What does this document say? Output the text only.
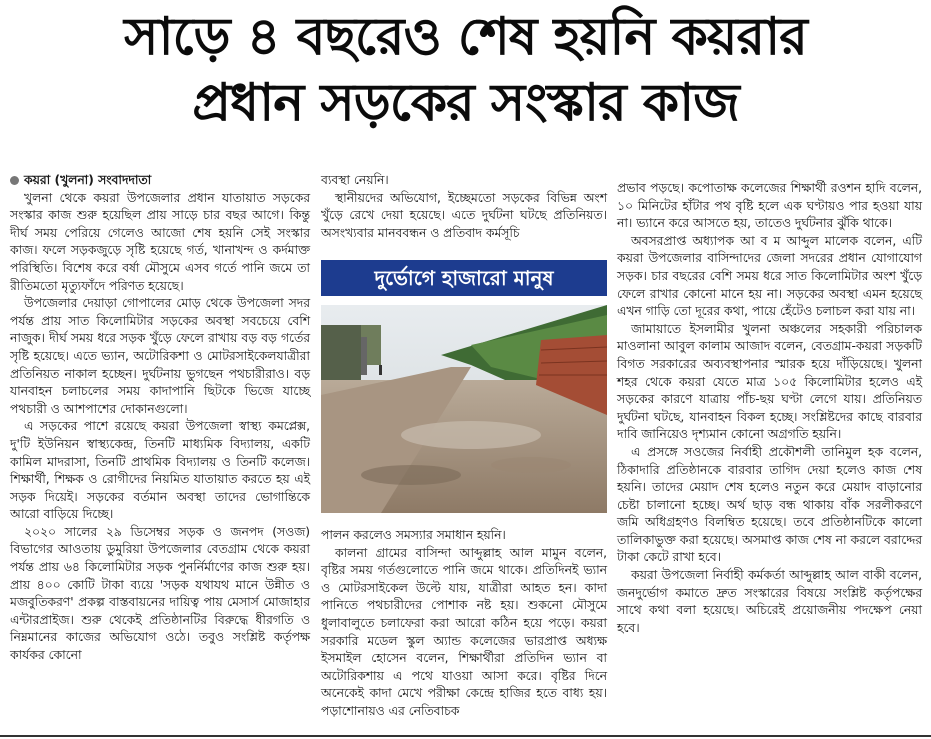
সাড়ে ৪ বছরেও শেষ হয়নি কয়রার
প্রধান সড়কের সংস্কার কাজ

কয়রা (খুলনা) সংবাদদাতা

খুলনা থেকে কয়রা উপজেলার প্রধান যাতায়াত সড়কের সংস্কার কাজ শুরু হয়েছিল প্রায় সাড়ে চার বছর আগে। কিন্তু দীর্ঘ সময় পেরিয়ে গেলেও আজো শেষ হয়নি সেই সংস্কার কাজ। ফলে সড়কজুড়ে সৃষ্টি হয়েছে গর্ত, খানাখন্দ ও কর্দমাক্ত পরিস্থিতি। বিশেষ করে বর্ষা মৌসুমে এসব গর্তে পানি জমে তা রীতিমতো মৃত্যুফাঁদে পরিণত হয়েছে।

উপজেলার দেয়াড়া গোপালের মোড় থেকে উপজেলা সদর পর্যন্ত প্রায় সাত কিলোমিটার সড়কের অবস্থা সবচেয়ে বেশি নাজুক। দীর্ঘ সময় ধরে সড়ক খুঁড়ে ফেলে রাখায় বড় বড় গর্তের সৃষ্টি হয়েছে। এতে ভ্যান, অটোরিকশা ও মোটরসাইকেলযাত্রীরা প্রতিনিয়ত নাকাল হচ্ছেন। দুর্ঘটনায় ভুগছেন পথচারীরাও। বড় যানবাহন চলাচলের সময় কাদাপানি ছিটকে ভিজে যাচ্ছে পথচারী ও আশপাশের দোকানগুলো।

এ সড়কের পাশে রয়েছে কয়রা উপজেলা স্বাস্থ্য কমপ্লেক্স, দু'টি ইউনিয়ন স্বাস্থ্যকেন্দ্র, তিনটি মাধ্যমিক বিদ্যালয়, একটি কামিল মাদরাসা, তিনটি প্রাথমিক বিদ্যালয় ও তিনটি কলেজ। শিক্ষার্থী, শিক্ষক ও রোগীদের নিয়মিত যাতায়াত করতে হয় এই সড়ক দিয়েই। সড়কের বর্তমান অবস্থা তাদের ভোগান্তিকে আরো বাড়িয়ে দিচ্ছে।

২০২০ সালের ২৯ ডিসেম্বর সড়ক ও জনপদ (সওজ) বিভাগের আওতায় ডুমুরিয়া উপজেলার বেতগ্রাম থেকে কয়রা পর্যন্ত প্রায় ৬৪ কিলোমিটার সড়ক পুনর্নির্মাণের কাজ শুরু হয়। প্রায় ৪০০ কোটি টাকা ব্যয়ে 'সড়ক যথাযথ মানে উন্নীত ও মজবুতিকরণ' প্রকল্প বাস্তবায়নের দায়িত্ব পায় মেসার্স মোজাহার এন্টারপ্রাইজ। শুরু থেকেই প্রতিষ্ঠানটির বিরুদ্ধে ধীরগতি ও নিম্নমানের কাজের অভিযোগ ওঠে। তবুও সংশ্লিষ্ট কর্তৃপক্ষ কার্যকর কোনো

ব্যবস্থা নেয়নি।

স্থানীয়দের অভিযোগ, ইচ্ছেমতো সড়কের বিভিন্ন অংশ খুঁড়ে রেখে দেয়া হয়েছে। এতে দুর্ঘটনা ঘটছে প্রতিনিয়ত। অসংখ্যবার মানববন্ধন ও প্রতিবাদ কর্মসূচি

দুর্ভোগে হাজারো মানুষ

পালন করলেও সমস্যার সমাধান হয়নি।

কালনা গ্রামের বাসিন্দা আব্দুল্লাহ আল মামুন বলেন, বৃষ্টির সময় গর্তগুলোতে পানি জমে থাকে। প্রতিদিনই ভ্যান ও মোটরসাইকেল উল্টে যায়, যাত্রীরা আহত হন। কাদা পানিতে পথচারীদের পোশাক নষ্ট হয়। শুকনো মৌসুমে ধুলাবালুতে চলাফেরা করা আরো কঠিন হয়ে পড়ে। কয়রা সরকারি মডেল স্কুল অ্যান্ড কলেজের ভারপ্রাপ্ত অধ্যক্ষ ইসমাইল হোসেন বলেন, শিক্ষার্থীরা প্রতিদিন ভ্যান বা অটোরিকশায় এ পথে যাওয়া আসা করে। বৃষ্টির দিনে অনেকেই কাদা মেখে পরীক্ষা কেন্দ্রে হাজির হতে বাধ্য হয়। পড়াশোনায়ও এর নেতিবাচক

প্রভাব পড়ছে। কপোতাক্ষ কলেজের শিক্ষার্থী রওশন হাদি বলেন, ১০ মিনিটের হাঁটার পথ বৃষ্টি হলে এক ঘণ্টায়ও পার হওয়া যায় না। ভ্যানে করে আসতে হয়, তাতেও দুর্ঘটনার ঝুঁকি থাকে।

অবসরপ্রাপ্ত অধ্যাপক আ ব ম আব্দুল মালেক বলেন, এটি কয়রা উপজেলার বাসিন্দাদের জেলা সদরের প্রধান যোগাযোগ সড়ক। চার বছরের বেশি সময় ধরে সাত কিলোমিটার অংশ খুঁড়ে ফেলে রাখার কোনো মানে হয় না। সড়কের অবস্থা এমন হয়েছে এখন গাড়ি তো দূরের কথা, পায়ে হেঁটেও চলাচল করা যায় না।

জামায়াতে ইসলামীর খুলনা অঞ্চলের সহকারী পরিচালক মাওলানা আবুল কালাম আজাদ বলেন, বেতগ্রাম-কয়রা সড়কটি বিগত সরকারের অব্যবস্থাপনার স্মারক হয়ে দাঁড়িয়েছে। খুলনা শহর থেকে কয়রা যেতে মাত্র ১০৫ কিলোমিটার হলেও এই সড়কের কারণে যাত্রায় পাঁচ-ছয় ঘণ্টা লেগে যায়। প্রতিনিয়ত দুর্ঘটনা ঘটছে, যানবাহন বিকল হচ্ছে। সংশ্লিষ্টদের কাছে বারবার দাবি জানিয়েও দৃশ্যমান কোনো অগ্রগতি হয়নি।

এ প্রসঙ্গে সওজের নির্বাহী প্রকৌশলী তানিমুল হক বলেন, ঠিকাদারি প্রতিষ্ঠানকে বারবার তাগিদ দেয়া হলেও কাজ শেষ হয়নি। তাদের মেয়াদ শেষ হলেও নতুন করে মেয়াদ বাড়ানোর চেষ্টা চালানো হচ্ছে। অর্থ ছাড় বন্ধ থাকায় বাঁক সরলীকরণে জমি অধিগ্রহণও বিলম্বিত হয়েছে। তবে প্রতিষ্ঠানটিকে কালো তালিকাভুক্ত করা হয়েছে। অসমাপ্ত কাজ শেষ না করলে বরাদ্দের টাকা কেটে রাখা হবে।

কয়রা উপজেলা নির্বাহী কর্মকর্তা আব্দুল্লাহ আল বাকী বলেন, জনদুর্ভোগ কমাতে দ্রুত সংস্কারের বিষয়ে সংশ্লিষ্ট কর্তৃপক্ষের সাথে কথা বলা হয়েছে। অচিরেই প্রয়োজনীয় পদক্ষেপ নেয়া হবে।
